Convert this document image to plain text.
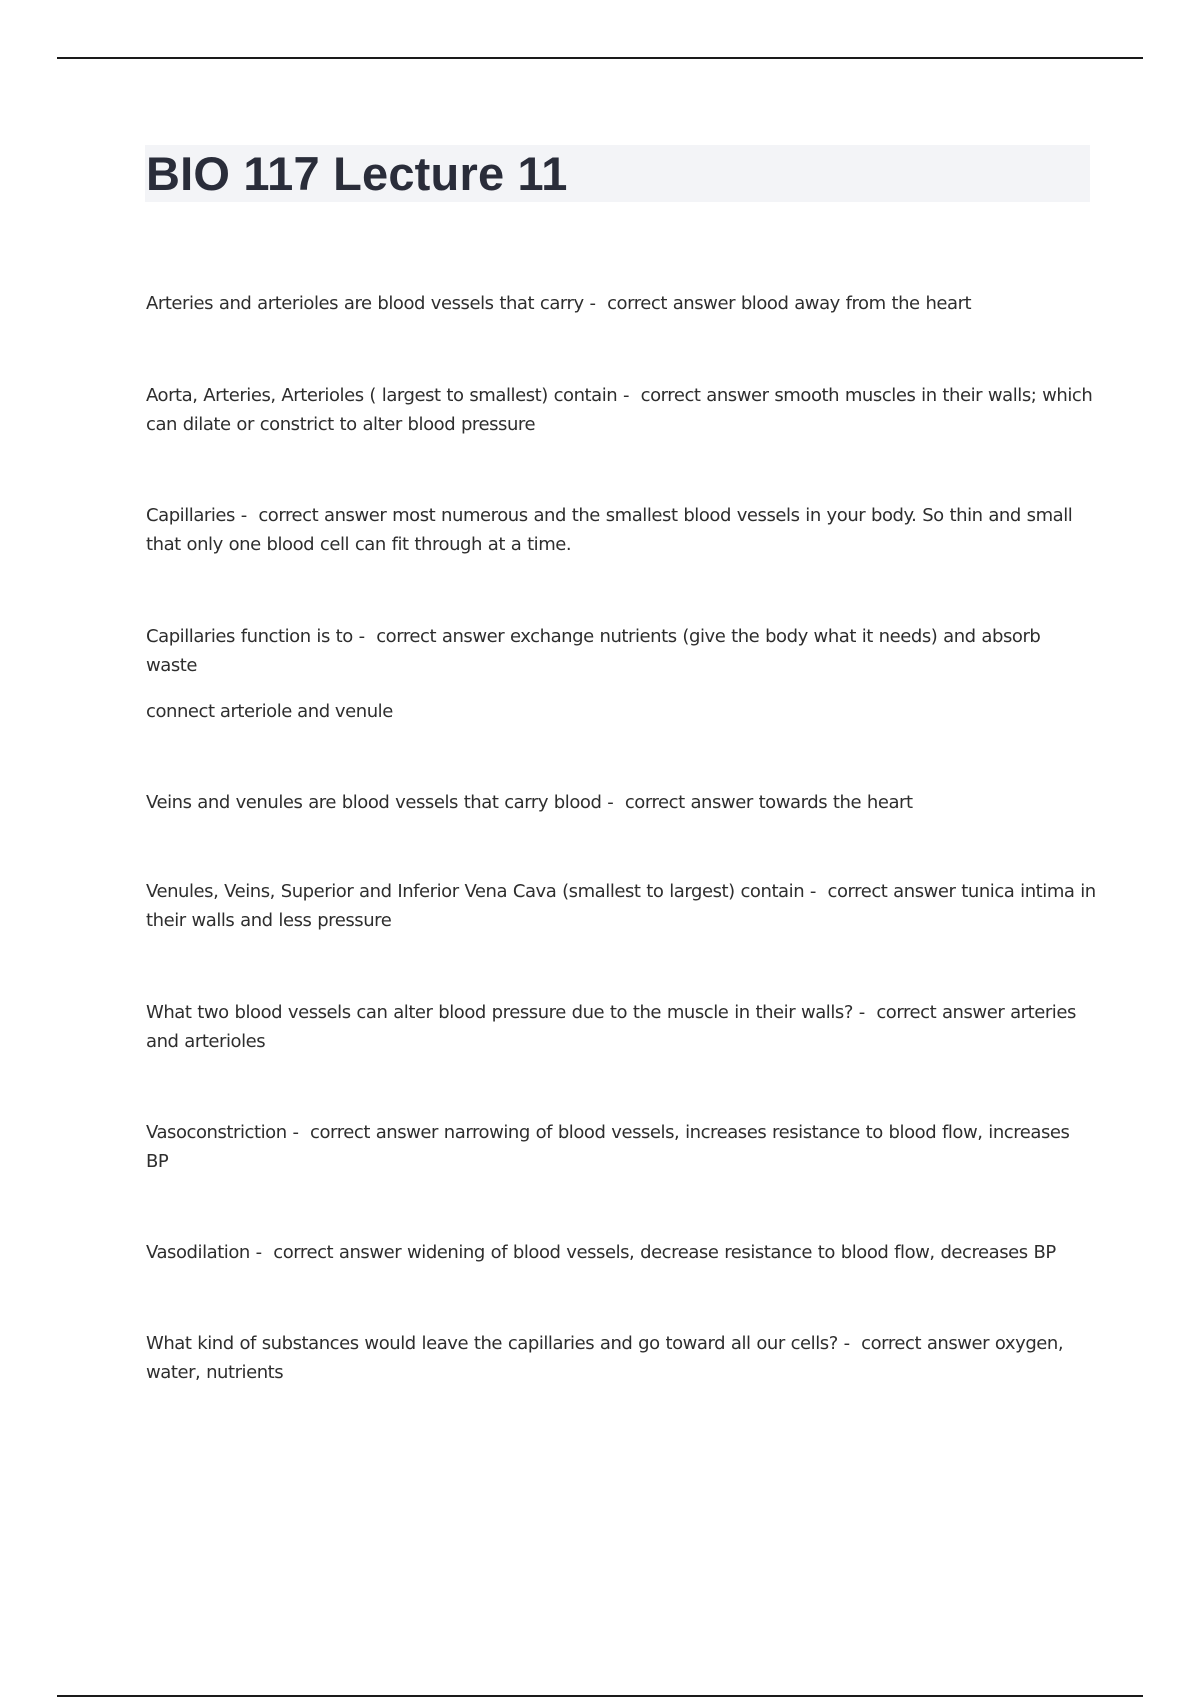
BIO 117 Lecture 11

Arteries and arterioles are blood vessels that carry -  correct answer blood away from the heart

Aorta, Arteries, Arterioles ( largest to smallest) contain -  correct answer smooth muscles in their walls; which can dilate or constrict to alter blood pressure

Capillaries -  correct answer most numerous and the smallest blood vessels in your body. So thin and small that only one blood cell can fit through at a time.

Capillaries function is to -  correct answer exchange nutrients (give the body what it needs) and absorb waste

connect arteriole and venule

Veins and venules are blood vessels that carry blood -  correct answer towards the heart

Venules, Veins, Superior and Inferior Vena Cava (smallest to largest) contain -  correct answer tunica intima in their walls and less pressure

What two blood vessels can alter blood pressure due to the muscle in their walls? -  correct answer arteries and arterioles

Vasoconstriction -  correct answer narrowing of blood vessels, increases resistance to blood flow, increases BP

Vasodilation -  correct answer widening of blood vessels, decrease resistance to blood flow, decreases BP

What kind of substances would leave the capillaries and go toward all our cells? -  correct answer oxygen, water, nutrients
